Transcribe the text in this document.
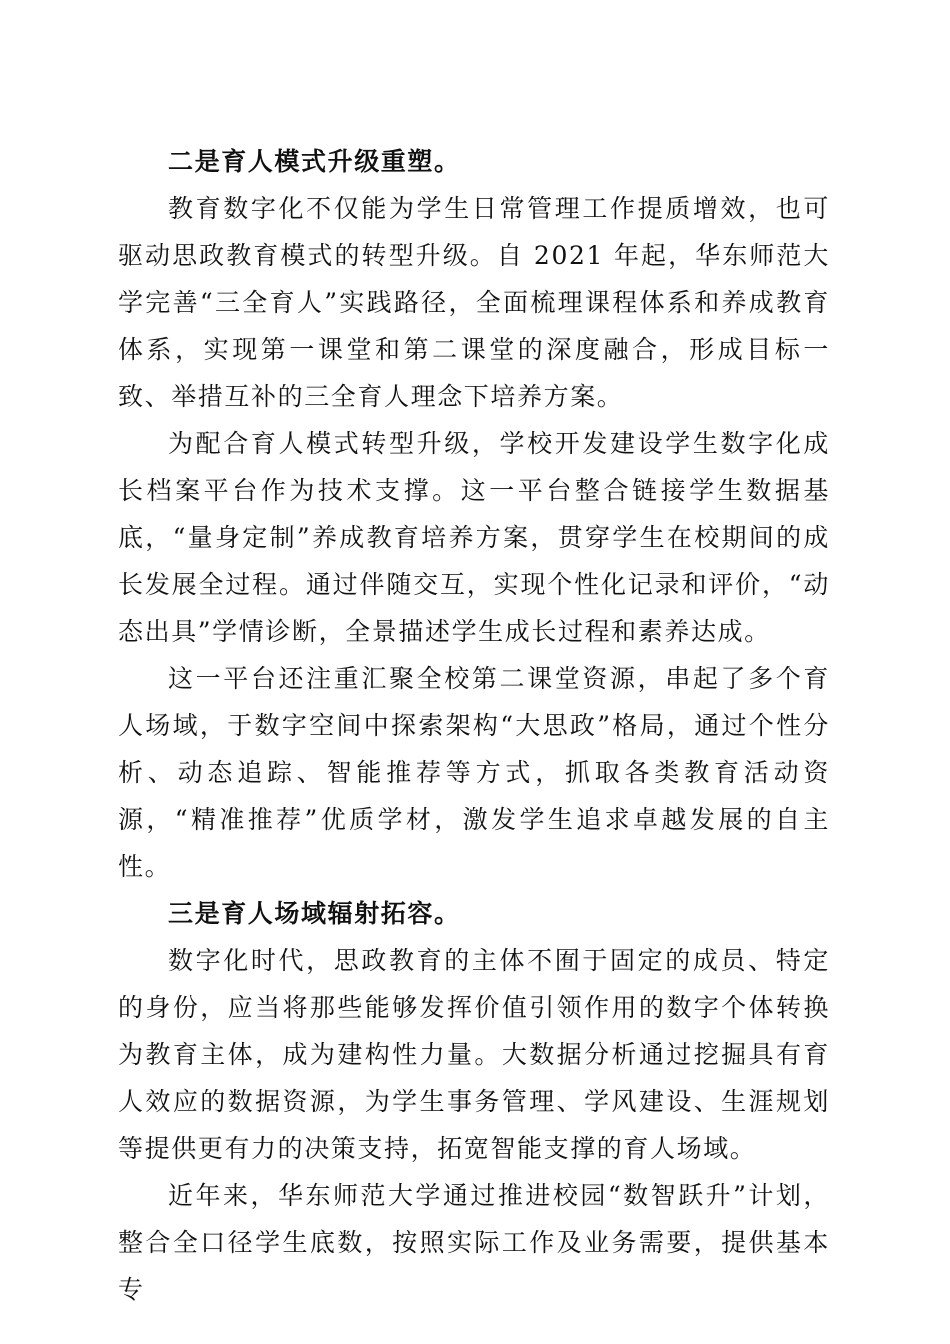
二是育人模式升级重塑。

教育数字化不仅能为学生日常管理工作提质增效，也可驱动思政教育模式的转型升级。自 2021 年起，华东师范大学完善“三全育人”实践路径，全面梳理课程体系和养成教育体系，实现第一课堂和第二课堂的深度融合，形成目标一致、举措互补的三全育人理念下培养方案。

为配合育人模式转型升级，学校开发建设学生数字化成长档案平台作为技术支撑。这一平台整合链接学生数据基底，“量身定制”养成教育培养方案，贯穿学生在校期间的成长发展全过程。通过伴随交互，实现个性化记录和评价，“动态出具”学情诊断，全景描述学生成长过程和素养达成。

这一平台还注重汇聚全校第二课堂资源，串起了多个育人场域，于数字空间中探索架构“大思政”格局，通过个性分析、动态追踪、智能推荐等方式，抓取各类教育活动资源，“精准推荐”优质学材，激发学生追求卓越发展的自主性。

三是育人场域辐射拓容。

数字化时代，思政教育的主体不囿于固定的成员、特定的身份，应当将那些能够发挥价值引领作用的数字个体转换为教育主体，成为建构性力量。大数据分析通过挖掘具有育人效应的数据资源，为学生事务管理、学风建设、生涯规划等提供更有力的决策支持，拓宽智能支撑的育人场域。

近年来，华东师范大学通过推进校园“数智跃升”计划，整合全口径学生底数，按照实际工作及业务需要，提供基本专
